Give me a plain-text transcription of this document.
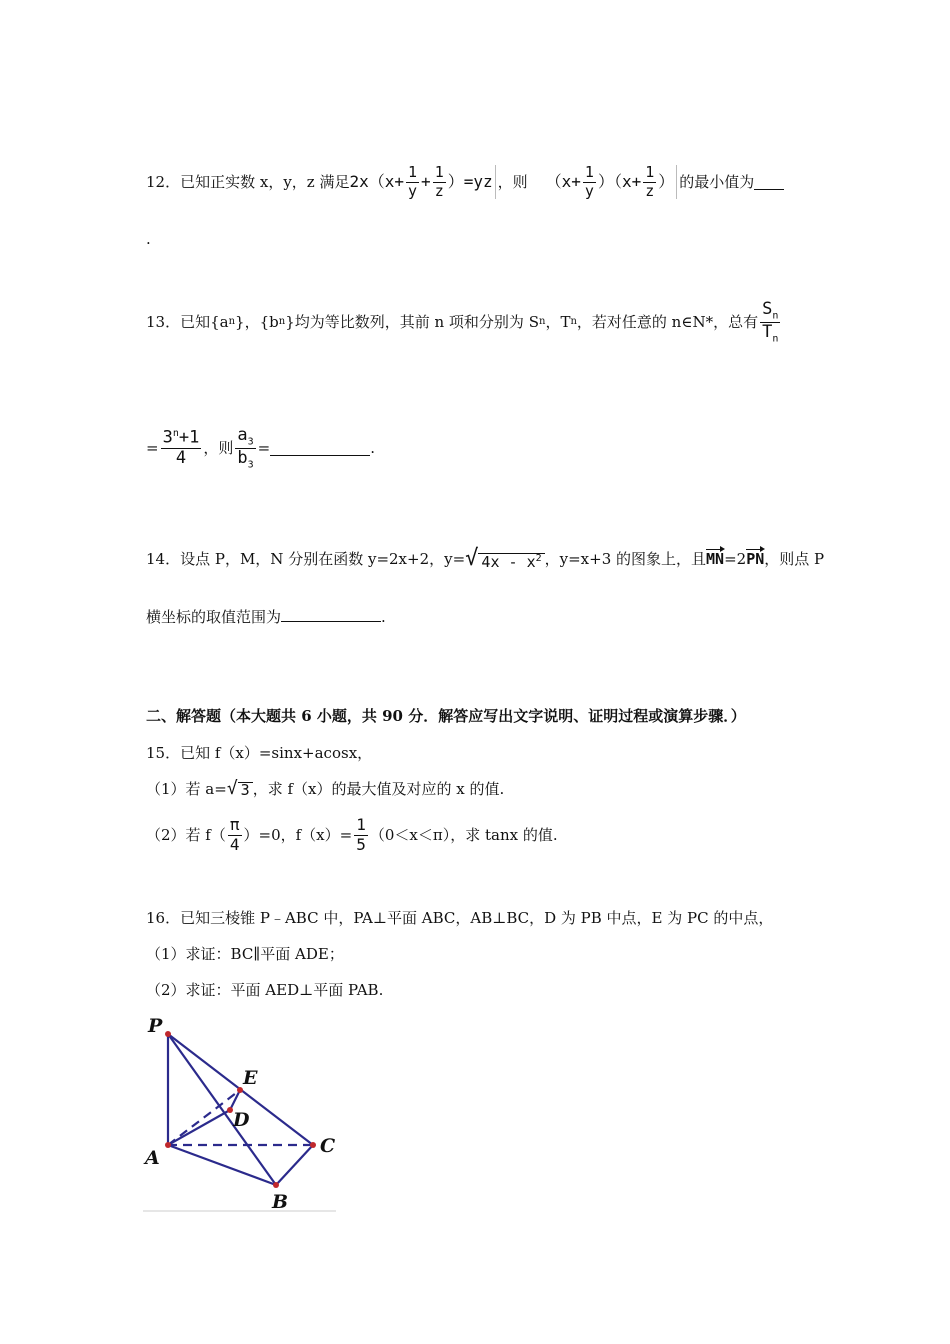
12．已知正实数 x，y，z 满足 $2x(x+ \frac{1}{y} + \frac{1}{z} )=yz$ ，则 $(x+ \frac{1}{y} )(x+ \frac{1}{z}$ ） 的最小值为
.
13．已知{a n }，{b n }均为等比数列，其前 n 项和分别为 S n ，T n ，若对任意的 n∈N*，总有 $\frac{S_n}{T_n}$
= $\frac{3^n+1}{4}$ ，则 $\frac{a_3}{b_3}$ =	.
14．设点 P，M，N 分别在函数 y=2x+2，y= √ $4x - x^2$ ，y=x+3 的图象上，且 MN =2 PN ，则点 P
横坐标的取值范围为	.
二、解答题（本大题共 6 小题，共 90 分．解答应写出文字说明、证明过程或演算步骤．）
15．已知 f（x）=sinx+acosx，
（1）若 a= √ 3 ，求 f（x）的最大值及对应的 x 的值.
（2）若 $f( \frac{\pi}{4} )=0$，$f(x)= \frac{1}{5} (0<x<\pi)$，求 tanx 的值.
16．已知三棱锥 P﹣ABC 中，PA⊥平面 ABC，AB⊥BC，D 为 PB 中点，E 为 PC 的中点，
（1）求证：BC∥平面 ADE；
（2）求证：平面 AED⊥平面 PAB.
P
A
B
C
D
E
